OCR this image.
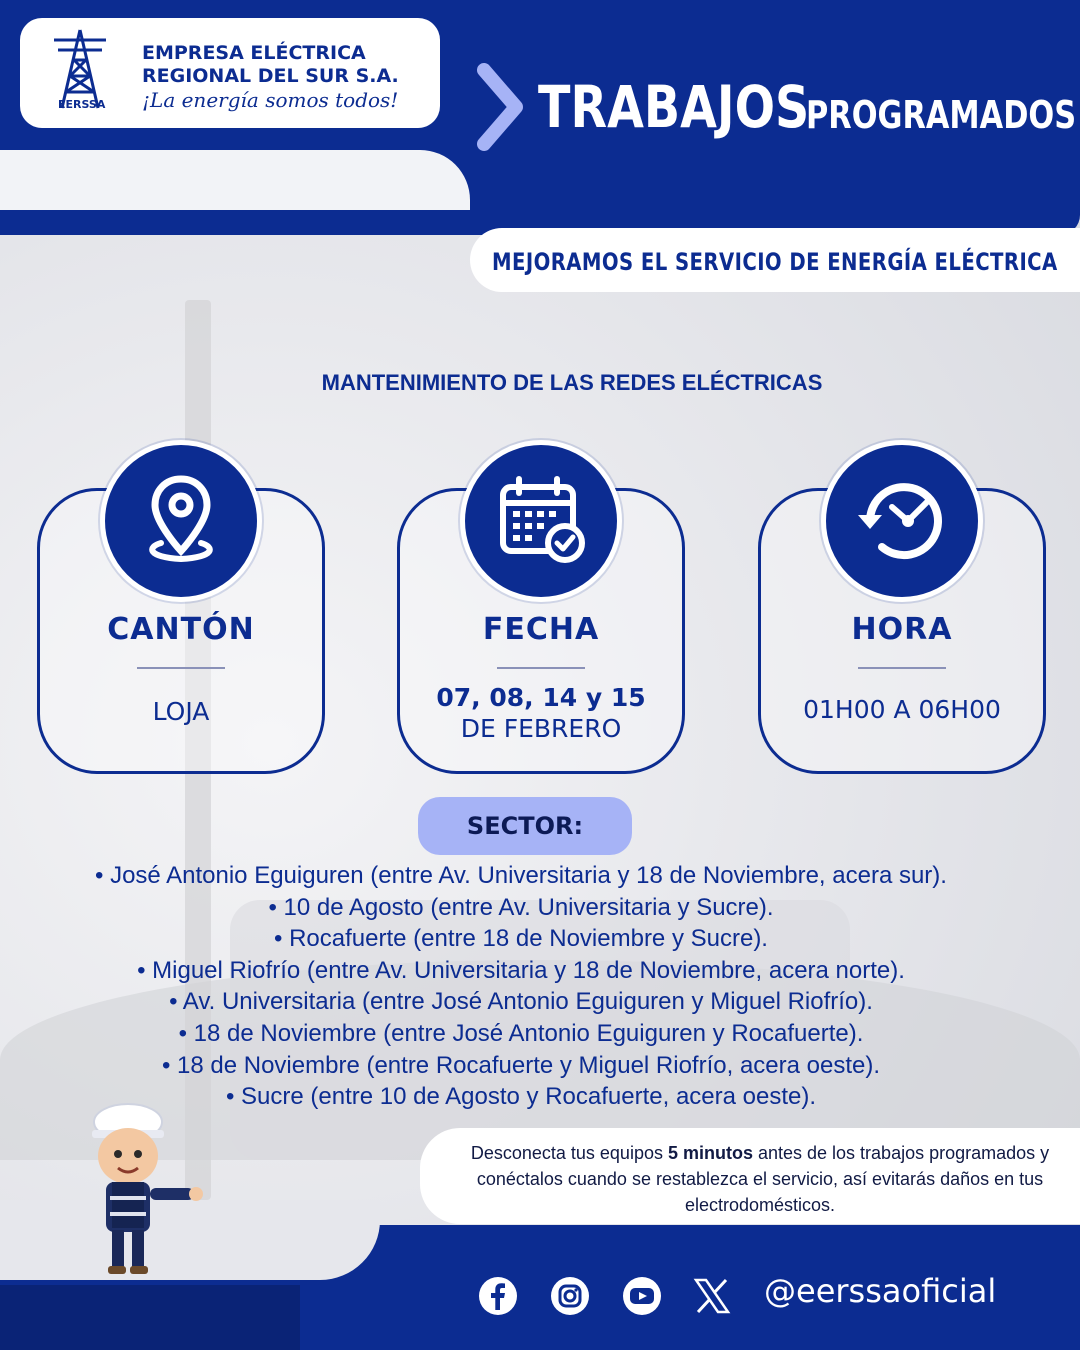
MEJORAMOS EL SERVICIO DE ENERGÍA ELÉCTRICA
EERSSA
EMPRESA ELÉCTRICA
REGIONAL DEL SUR S.A.
¡La energía somos todos! TRABAJOS
PROGRAMADOS
MANTENIMIENTO DE LAS REDES ELÉCTRICAS
CANTÓN
LOJA
FECHA
07, 08, 14 y 15
DE FEBRERO
HORA
01H00 A 06H00
SECTOR:
• José Antonio Eguiguren (entre Av. Universitaria y 18 de Noviembre, acera sur).
• 10 de Agosto (entre Av. Universitaria y Sucre).
• Rocafuerte (entre 18 de Noviembre y Sucre).
• Miguel Riofrío (entre Av. Universitaria y 18 de Noviembre, acera norte).
• Av. Universitaria (entre José Antonio Eguiguren y Miguel Riofrío).
• 18 de Noviembre (entre José Antonio Eguiguren y Rocafuerte).
• 18 de Noviembre (entre Rocafuerte y Miguel Riofrío, acera oeste).
• Sucre (entre 10 de Agosto y Rocafuerte, acera oeste).
Desconecta tus equipos 5 minutos antes de los trabajos programados y conéctalos cuando se restablezca el servicio, así evitarás daños en tus electrodomésticos.
@eerssaoficial
